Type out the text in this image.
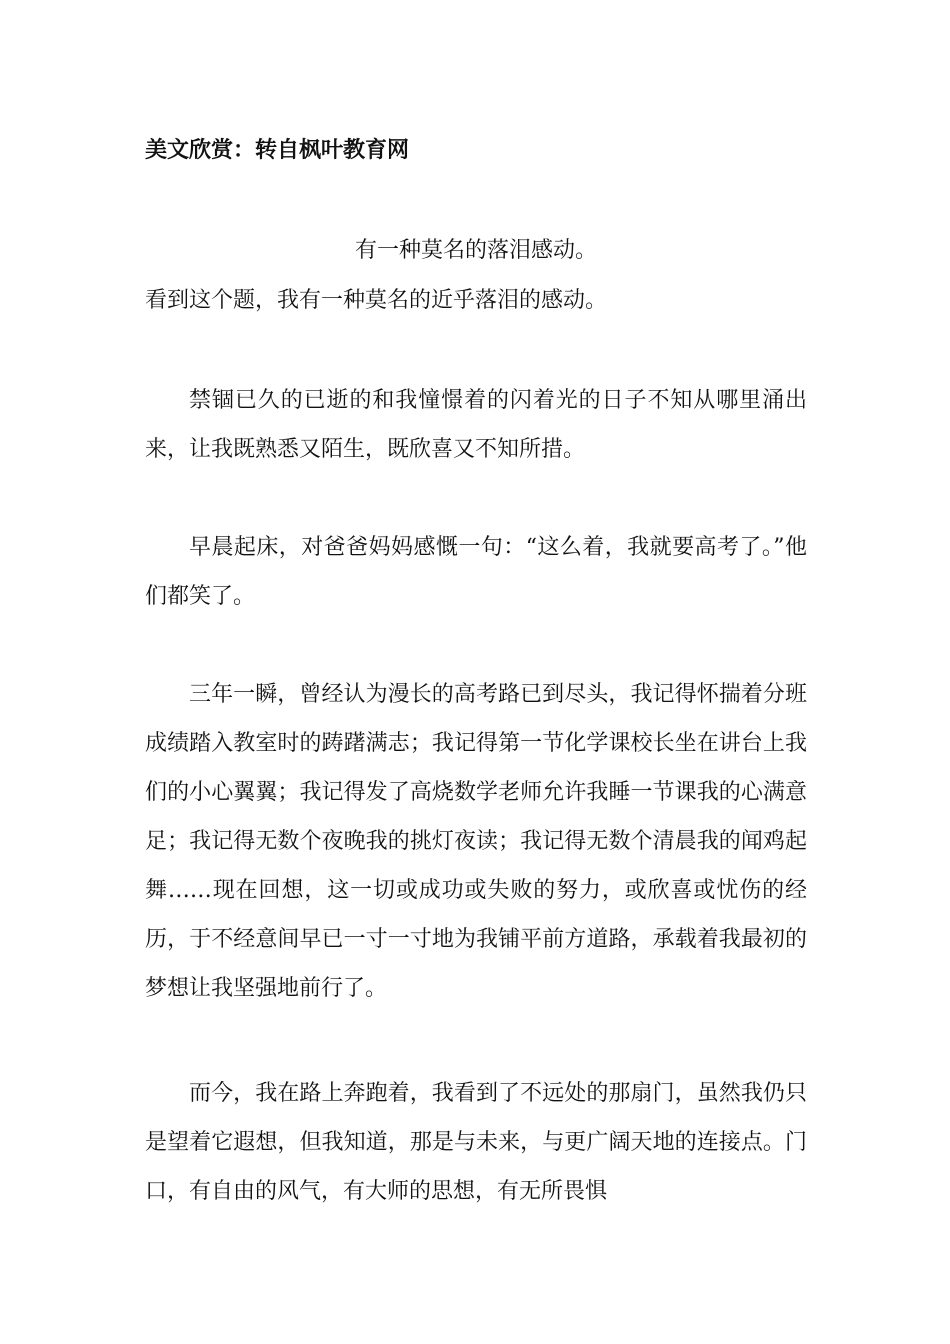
美文欣赏：转自枫叶教育网
有一种莫名的落泪感动。
看到这个题，我有一种莫名的近乎落泪的感动。

禁锢已久的已逝的和我憧憬着的闪着光的日子不知从哪里涌出来，让我既熟悉又陌生，既欣喜又不知所措。

早晨起床，对爸爸妈妈感慨一句：“这么着，我就要高考了。”他们都笑了。

三年一瞬，曾经认为漫长的高考路已到尽头，我记得怀揣着分班成绩踏入教室时的踌躇满志；我记得第一节化学课校长坐在讲台上我们的小心翼翼；我记得发了高烧数学老师允许我睡一节课我的心满意足；我记得无数个夜晚我的挑灯夜读；我记得无数个清晨我的闻鸡起舞……现在回想，这一切或成功或失败的努力，或欣喜或忧伤的经历，于不经意间早已一寸一寸地为我铺平前方道路，承载着我最初的梦想让我坚强地前行了。

而今，我在路上奔跑着，我看到了不远处的那扇门，虽然我仍只是望着它遐想，但我知道，那是与未来，与更广阔天地的连接点。门口，有自由的风气，有大师的思想，有无所畏惧
